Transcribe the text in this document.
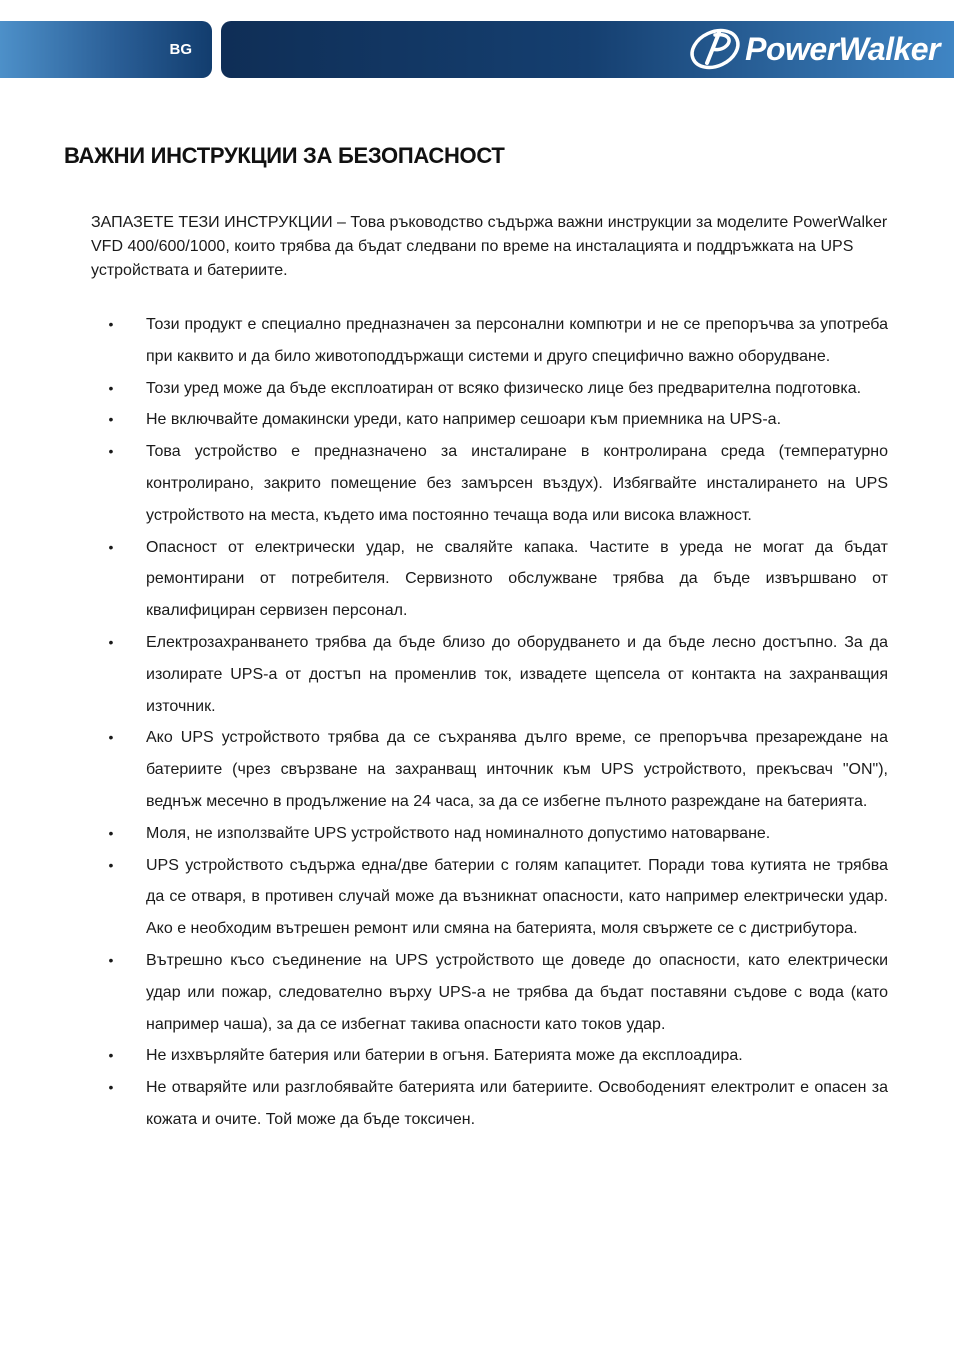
BG	PowerWalker
ВАЖНИ ИНСТРУКЦИИ ЗА БЕЗОПАСНОСТ

ЗАПАЗЕТЕ ТЕЗИ ИНСТРУКЦИИ – Това ръководство съдържа важни инструкции за моделите PowerWalker VFD 400/600/1000, които трябва да бъдат следвани по време на инсталацията и поддръжката на UPS устройствата и батериите.

• Този продукт е специално предназначен за персонални компютри и не се препоръчва за употреба при каквито и да било животоподдържащи системи и друго специфично важно оборудване.
• Този уред може да бъде експлоатиран от всяко физическо лице без предварителна подготовка.
• Не включвайте домакински уреди, като например сешоари към приемника на UPS-а.
• Това устройство е предназначено за инсталиране в контролирана среда (температурно контролирано, закрито помещение без замърсен въздух). Избягвайте инсталирането на UPS устройството на места, където има постоянно течаща вода или висока влажност.
• Опасност от електрически удар, не сваляйте капака. Частите в уреда не могат да бъдат ремонтирани от потребителя. Сервизното обслужване трябва да бъде извършвано от квалифициран сервизен персонал.
• Електрозахранването трябва да бъде близо до оборудването и да бъде лесно достъпно. За да изолирате UPS-а от достъп на променлив ток, извадете щепсела от контакта на захранващия източник.
• Ако UPS устройството трябва да се съхранява дълго време, се препоръчва презареждане на батериите (чрез свързване на захранващ инточник към UPS устройството, прекъсвач "ON"), веднъж месечно в продължение на 24 часа, за да се избегне пълното разреждане на батерията.
• Моля, не използвайте UPS устройството над номиналното допустимо натоварване.
• UPS устройството съдържа една/две батерии с голям капацитет. Поради това кутията не трябва да се отваря, в противен случай може да възникнат опасности, като например електрически удар. Ако е необходим вътрешен ремонт или смяна на батерията, моля свържете се с дистрибутора.
• Вътрешно късо съединение на UPS устройството ще доведе до опасности, като електрически удар или пожар, следователно върху UPS-а не трябва да бъдат поставяни съдове с вода (като например чаша), за да се избегнат такива опасности като токов удар.
• Не изхвърляйте батерия или батерии в огъня. Батерията може да експлоадира.
• Не отваряйте или разглобявайте батерията или батериите. Освободеният електролит е опасен за кожата и очите. Той може да бъде токсичен.
